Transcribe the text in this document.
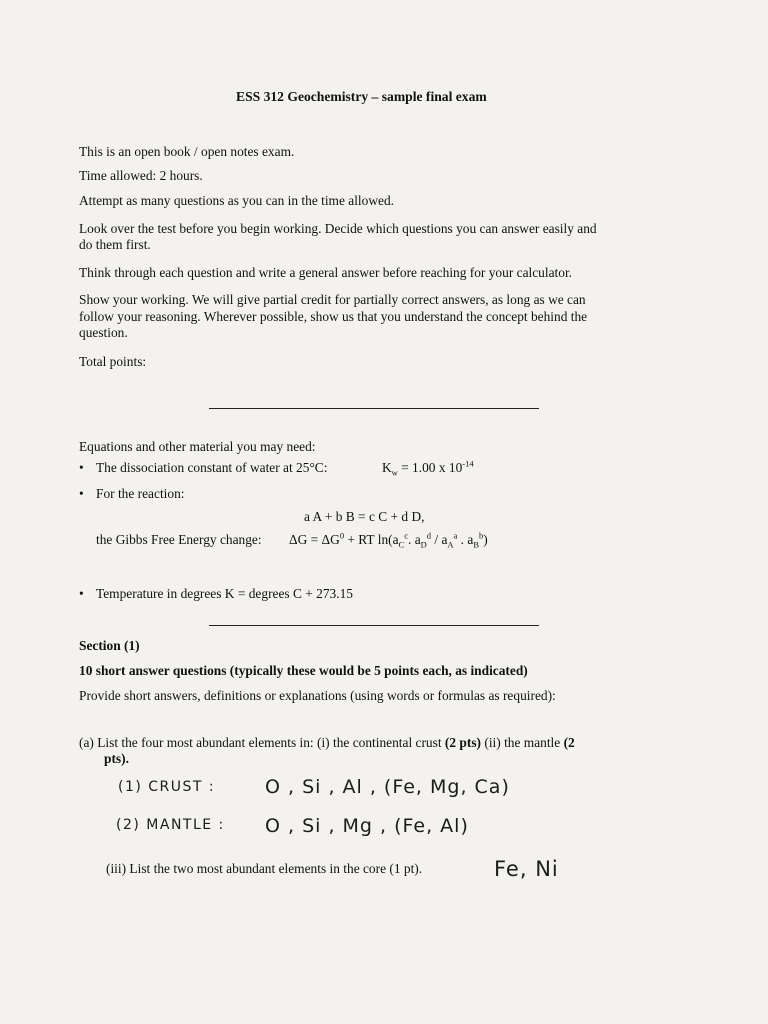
ESS 312 Geochemistry – sample final exam
This is an open book / open notes exam.
Time allowed: 2 hours.
Attempt as many questions as you can in the time allowed.
Look over the test before you begin working. Decide which questions you can answer easily and
do them first.
Think through each question and write a general answer before reaching for your calculator.
Show your working. We will give partial credit for partially correct answers, as long as we can
follow your reasoning. Wherever possible, show us that you understand the concept behind the
question.
Total points:
Equations and other material you may need:
• The dissociation constant of water at 25°C:	$K_w = 1.00$ x $10^{-14}$
• For the reaction:
a A + b B = c C + d D,
the Gibbs Free Energy change: $\Delta G = \Delta G^0$ + RT $\ln(a_C^c$. $a_D^d / a_A^a$ . $a_B^b$)
• Temperature in degrees K = degrees C + 273.15
Section (1)
10 short answer questions (typically these would be 5 points each, as indicated)
Provide short answers, definitions or explanations (using words or formulas as required):
(a) List the four most abundant elements in: (i) the continental crust (2 pts) (ii) the mantle (2
pts).
(1) CRUST :	O , Si , Al , (Fe, Mg, Ca)
(2) MANTLE : O , Si , Mg , (Fe, Al)
(iii) List the two most abundant elements in the core (1 pt).	Fe, Ni
